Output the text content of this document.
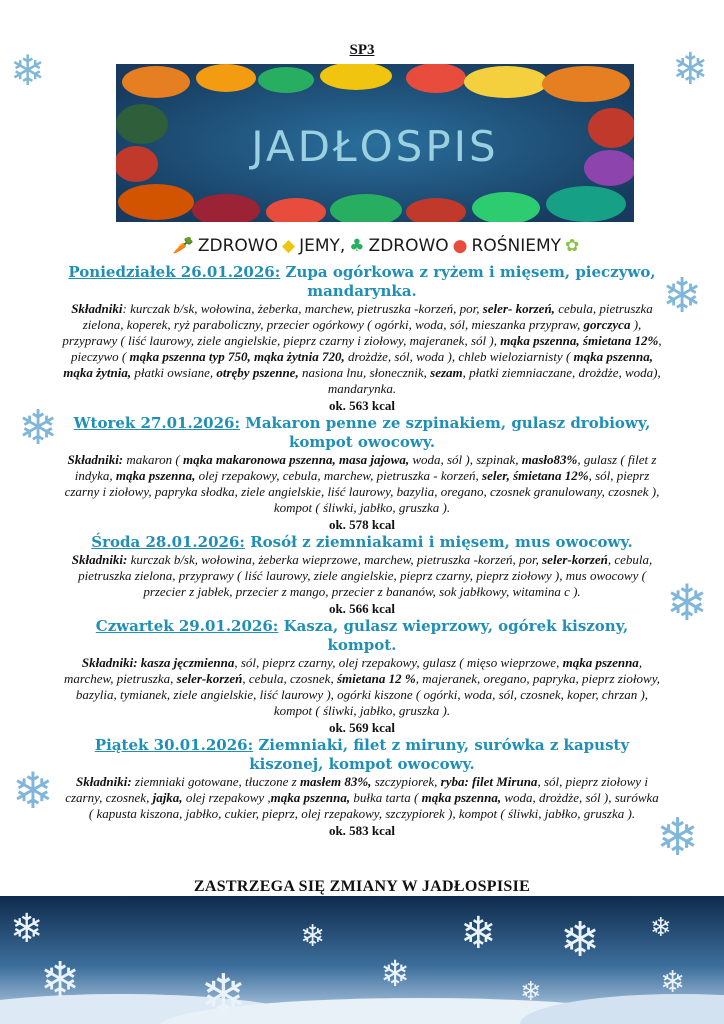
❄	❄
❄
❄
❄
❄
❄
SP3
JADŁOSPIS
🥕 ZDROWO ◆ JEMY, ♣ ZDROWO ● ROŚNIEMY ✿
Poniedziałek 26.01.2026: Zupa ogórkowa z ryżem i mięsem, pieczywo, mandarynka.
Składniki: kurczak b/sk, wołowina, żeberka, marchew, pietruszka -korzeń, por, seler- korzeń, cebula, pietruszka zielona, koperek, ryż paraboliczny, przecier ogórkowy ( ogórki, woda, sól, mieszanka przypraw, gorczyca ), przyprawy ( liść laurowy, ziele angielskie, pieprz czarny i ziołowy, majeranek, sól ), mąka pszenna, śmietana 12%, pieczywo ( mąka pszenna typ 750, mąka żytnia 720, drożdże, sól, woda ), chleb wieloziarnisty ( mąka pszenna, mąka żytnia, płatki owsiane, otręby pszenne, nasiona lnu, słonecznik, sezam, płatki ziemniaczane, drożdże, woda), mandarynka.
ok. 563 kcal
Wtorek 27.01.2026: Makaron penne ze szpinakiem, gulasz drobiowy, kompot owocowy.
Składniki: makaron ( mąka makaronowa pszenna, masa jajowa, woda, sól ), szpinak, masło83%, gulasz ( filet z indyka, mąka pszenna, olej rzepakowy, cebula, marchew, pietruszka - korzeń, seler, śmietana 12%, sól, pieprz czarny i ziołowy, papryka słodka, ziele angielskie, liść laurowy, bazylia, oregano, czosnek granulowany, czosnek ), kompot ( śliwki, jabłko, gruszka ).
ok. 578 kcal
Środa 28.01.2026: Rosół z ziemniakami i mięsem, mus owocowy.
Składniki: kurczak b/sk, wołowina, żeberka wieprzowe, marchew, pietruszka -korzeń, por, seler-korzeń, cebula, pietruszka zielona, przyprawy ( liść laurowy, ziele angielskie, pieprz czarny, pieprz ziołowy ), mus owocowy ( przecier z jabłek, przecier z mango, przecier z bananów, sok jabłkowy, witamina c ).
ok. 566 kcal
Czwartek 29.01.2026: Kasza, gulasz wieprzowy, ogórek kiszony, kompot.
Składniki: kasza jęczmienna, sól, pieprz czarny, olej rzepakowy, gulasz ( mięso wieprzowe, mąka pszenna, marchew, pietruszka, seler-korzeń, cebula, czosnek, śmietana 12 %, majeranek, oregano, papryka, pieprz ziołowy, bazylia, tymianek, ziele angielskie, liść laurowy ), ogórki kiszone ( ogórki, woda, sól, czosnek, koper, chrzan ), kompot ( śliwki, jabłko, gruszka ).
ok. 569 kcal
Piątek 30.01.2026: Ziemniaki, filet z miruny, surówka z kapusty kiszonej, kompot owocowy.
Składniki: ziemniaki gotowane, tłuczone z masłem 83%, szczypiorek, ryba: filet Miruna, sól, pieprz ziołowy i czarny, czosnek, jajka, olej rzepakowy ,mąka pszenna, bułka tarta ( mąka pszenna, woda, drożdże, sól ), surówka ( kapusta kiszona, jabłko, cukier, pieprz, olej rzepakowy, szczypiorek ), kompot ( śliwki, jabłko, gruszka ).
ok. 583 kcal
ZASTRZEGA SIĘ ZMIANY W JADŁOSPISIE
❄	❄	❄ ❄ ❄
❄ ❄	❄	❄	❄
